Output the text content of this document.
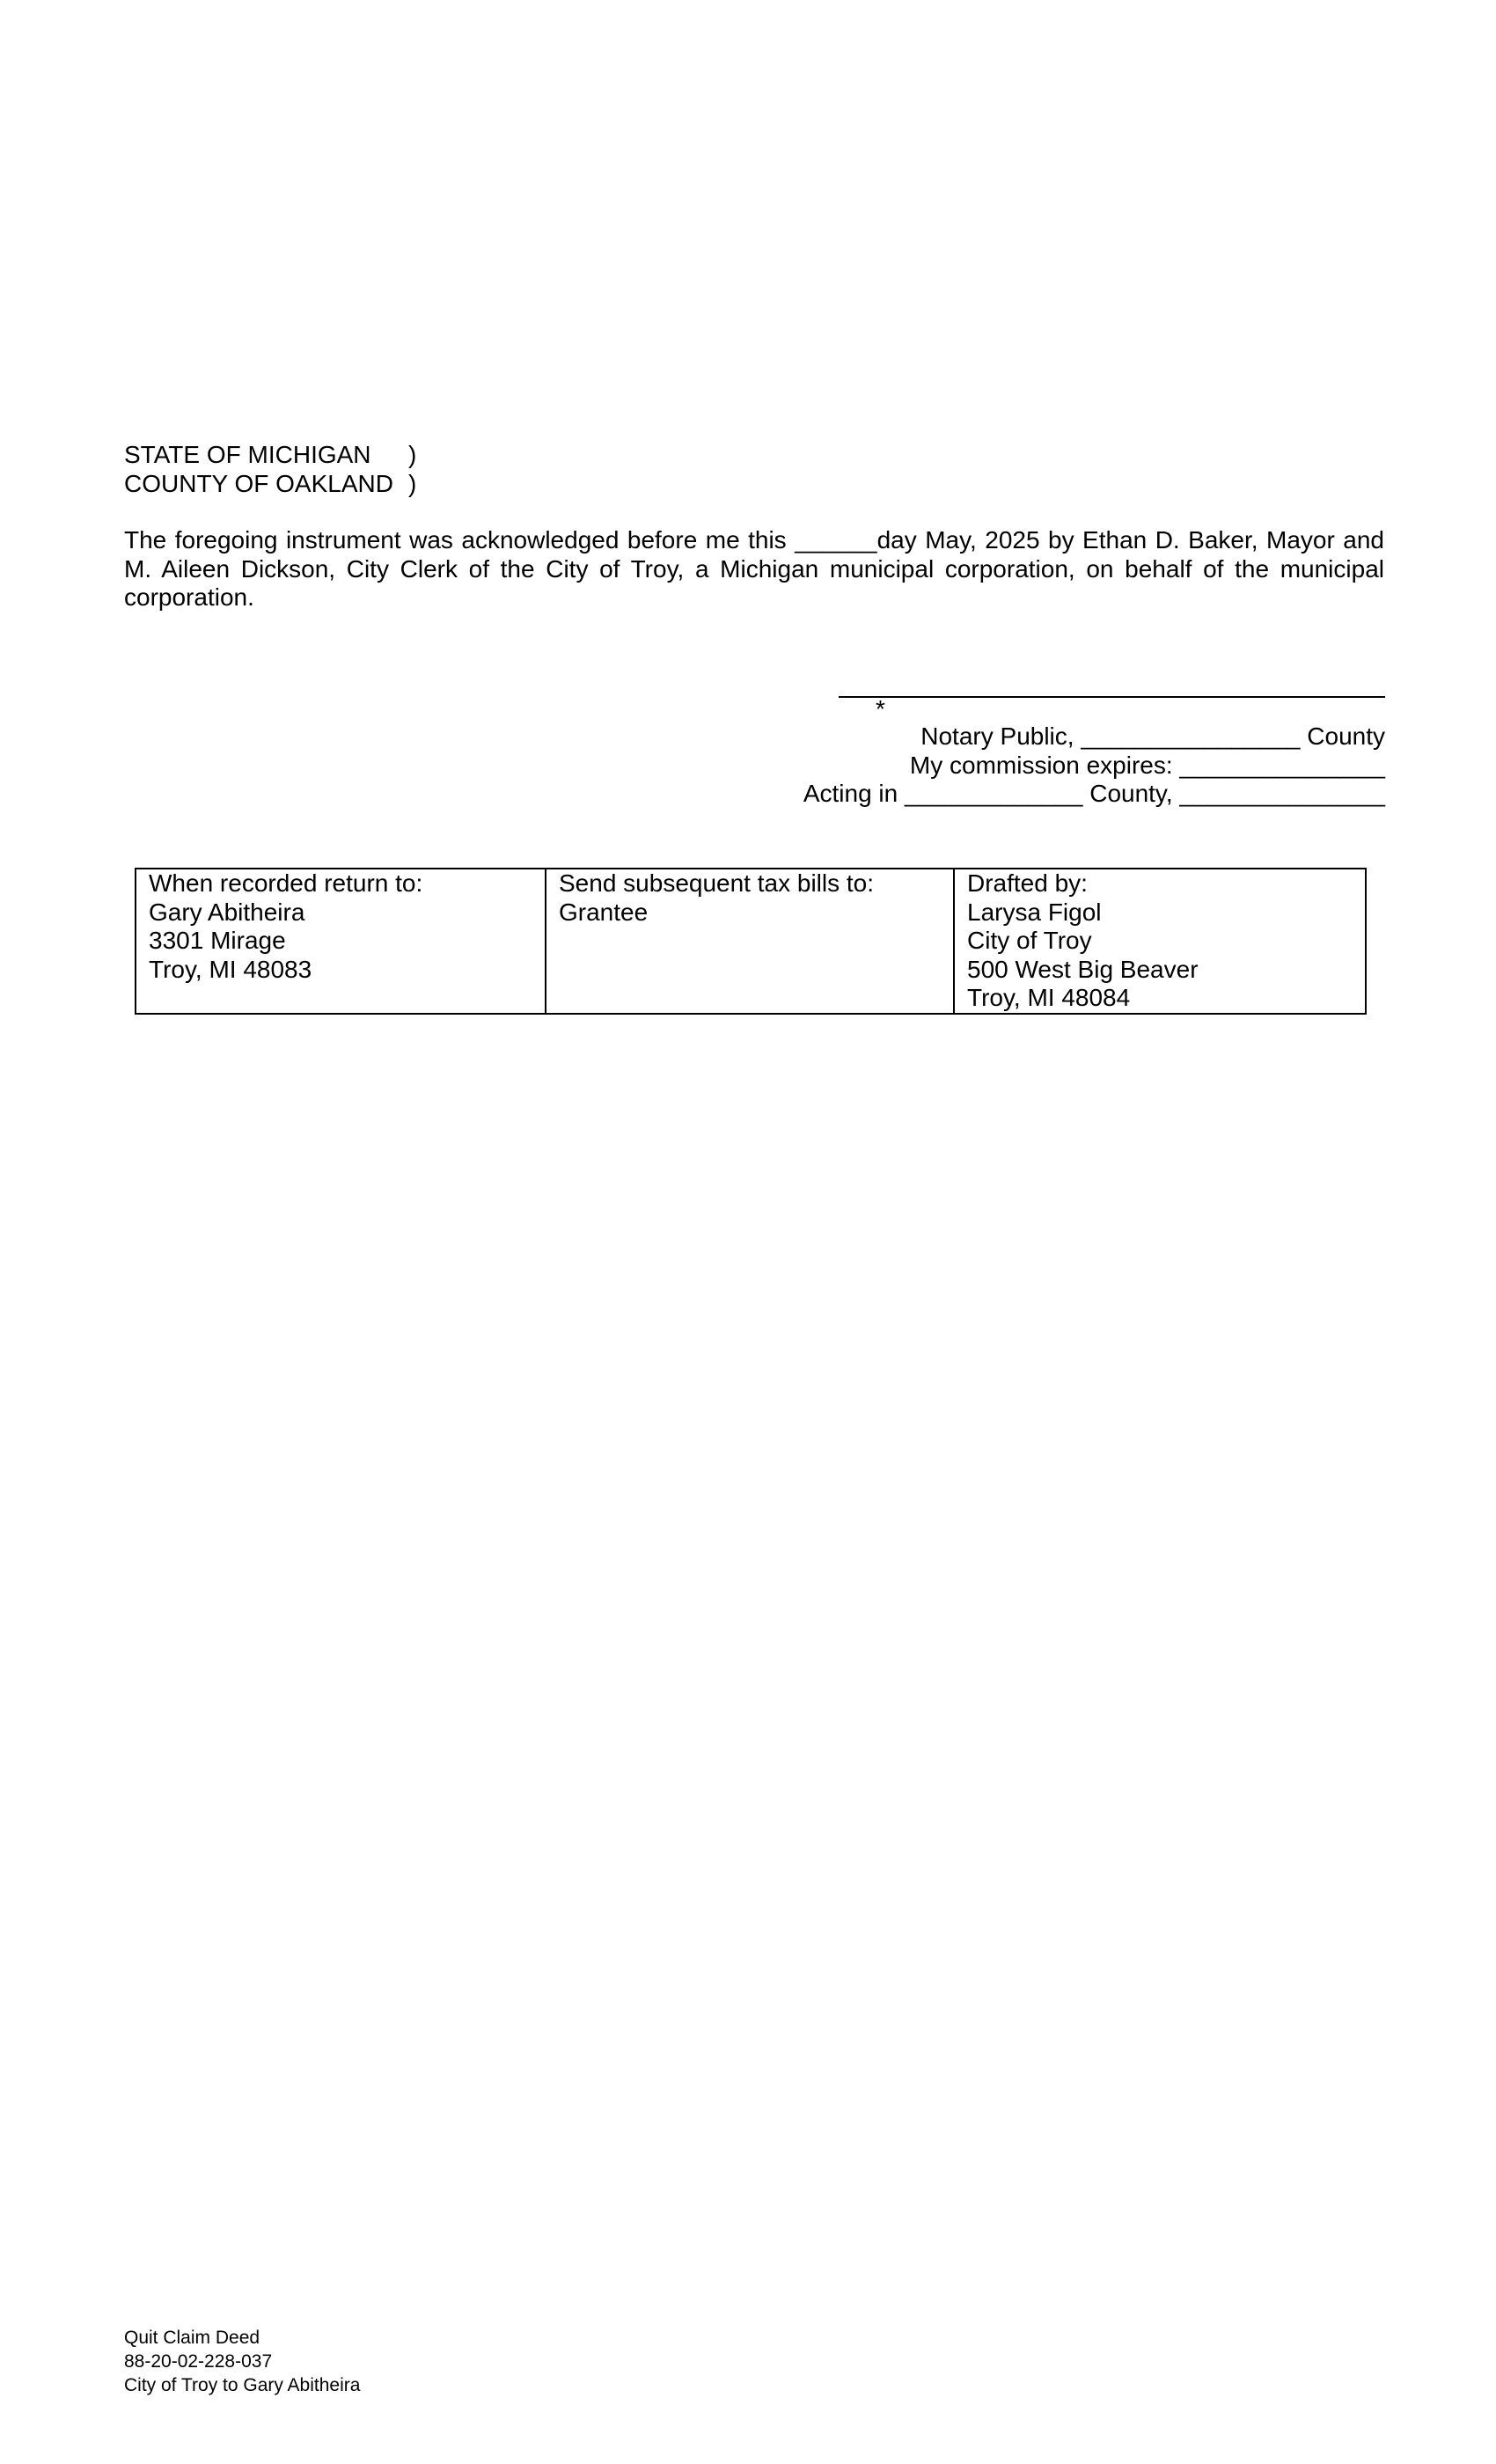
STATE OF MICHIGAN	)
COUNTY OF OAKLAND )
The foregoing instrument was acknowledged before me this ______day May, 2025 by Ethan D. Baker, Mayor and M. Aileen Dickson, City Clerk of the City of Troy, a Michigan municipal corporation, on behalf of the municipal corporation.
*
Notary Public, ________________ County
My commission expires: _______________
Acting in _____________ County, _______________
When recorded return to:
Gary Abitheira
3301 Mirage
Troy, MI 48083

Send subsequent tax bills to:
Grantee

Drafted by:
Larysa Figol
City of Troy
500 West Big Beaver
Troy, MI 48084
Quit Claim Deed
88-20-02-228-037
City of Troy to Gary Abitheira
